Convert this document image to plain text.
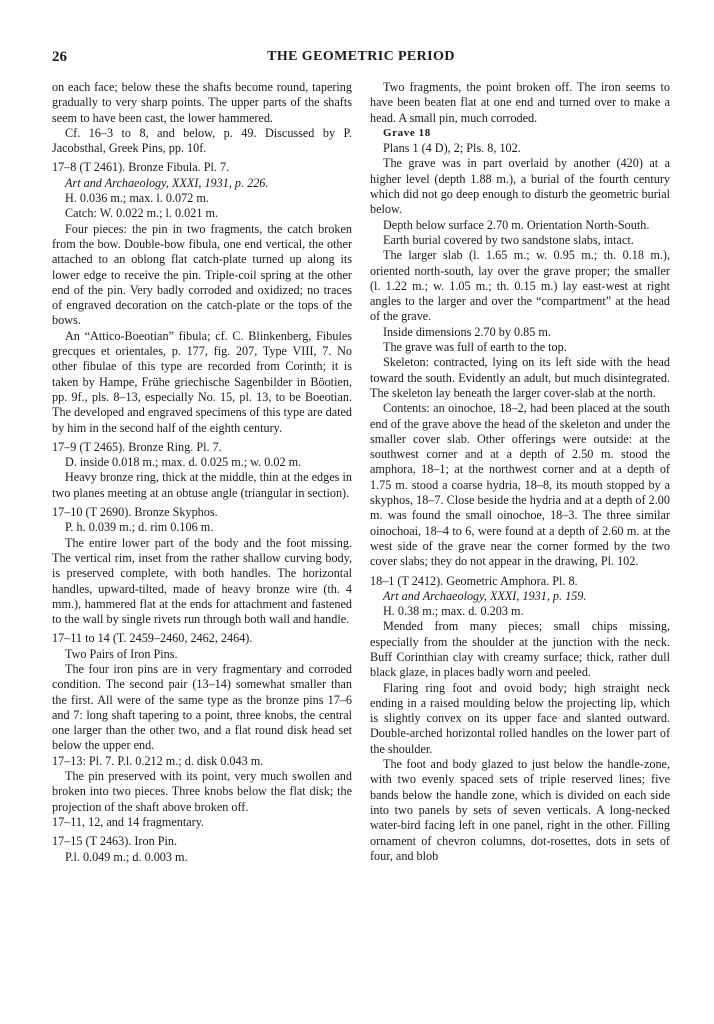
26	THE GEOMETRIC PERIOD

on each face; below these the shafts become round, tapering gradually to very sharp points. The upper parts of the shafts seem to have been cast, the lower hammered.

Cf. 16–3 to 8, and below, p. 49. Discussed by P. Jacobsthal, Greek Pins, pp. 10f.

17–8 (T 2461). Bronze Fibula. Pl. 7.

Art and Archaeology, XXXI, 1931, p. 226.

H. 0.036 m.; max. l. 0.072 m.

Catch: W. 0.022 m.; l. 0.021 m.

Four pieces: the pin in two fragments, the catch broken from the bow. Double-bow fibula, one end vertical, the other attached to an oblong flat catch-plate turned up along its lower edge to receive the pin. Triple-coil spring at the other end of the pin. Very badly corroded and oxidized; no traces of engraved decoration on the catch-plate or the tops of the bows.

An “Attico-Boeotian” fibula; cf. C. Blinkenberg, Fibules grecques et orientales, p. 177, fig. 207, Type VIII, 7. No other fibulae of this type are recorded from Corinth; it is taken by Hampe, Frühe griechische Sagenbilder in Böotien, pp. 9f., pls. 8–13, especially No. 15, pl. 13, to be Boeotian. The developed and engraved specimens of this type are dated by him in the second half of the eighth century.

17–9 (T 2465). Bronze Ring. Pl. 7.

D. inside 0.018 m.; max. d. 0.025 m.; w. 0.02 m.

Heavy bronze ring, thick at the middle, thin at the edges in two planes meeting at an obtuse angle (triangular in section).

17–10 (T 2690). Bronze Skyphos.

P. h. 0.039 m.; d. rim 0.106 m.

The entire lower part of the body and the foot missing. The vertical rim, inset from the rather shallow curving body, is preserved complete, with both handles. The horizontal handles, upward-tilted, made of heavy bronze wire (th. 4 mm.), hammered flat at the ends for attachment and fastened to the wall by single rivets run through both wall and handle.

17–11 to 14 (T. 2459–2460, 2462, 2464).

Two Pairs of Iron Pins.

The four iron pins are in very fragmentary and corroded condition. The second pair (13–14) somewhat smaller than the first. All were of the same type as the bronze pins 17–6 and 7: long shaft tapering to a point, three knobs, the central one larger than the other two, and a flat round disk head set below the upper end.

17–13: Pl. 7. P.l. 0.212 m.; d. disk 0.043 m.

The pin preserved with its point, very much swollen and broken into two pieces. Three knobs below the flat disk; the projection of the shaft above broken off.

17–11, 12, and 14 fragmentary.

17–15 (T 2463). Iron Pin.

P.l. 0.049 m.; d. 0.003 m.

Two fragments, the point broken off. The iron seems to have been beaten flat at one end and turned over to make a head. A small pin, much corroded.

Grave 18

Plans 1 (4 D), 2; Pls. 8, 102.

The grave was in part overlaid by another (420) at a higher level (depth 1.88 m.), a burial of the fourth century which did not go deep enough to disturb the geometric burial below.

Depth below surface 2.70 m. Orientation North-South.

Earth burial covered by two sandstone slabs, intact.

The larger slab (l. 1.65 m.; w. 0.95 m.; th. 0.18 m.), oriented north-south, lay over the grave proper; the smaller (l. 1.22 m.; w. 1.05 m.; th. 0.15 m.) lay east-west at right angles to the larger and over the “compartment” at the head of the grave.

Inside dimensions 2.70 by 0.85 m.

The grave was full of earth to the top.

Skeleton: contracted, lying on its left side with the head toward the south. Evidently an adult, but much disintegrated. The skeleton lay beneath the larger cover-slab at the north.

Contents: an oinochoe, 18–2, had been placed at the south end of the grave above the head of the skeleton and under the smaller cover slab. Other offerings were outside: at the southwest corner and at a depth of 2.50 m. stood the amphora, 18–1; at the northwest corner and at a depth of 1.75 m. stood a coarse hydria, 18–8, its mouth stopped by a skyphos, 18–7. Close beside the hydria and at a depth of 2.00 m. was found the small oinochoe, 18–3. The three similar oinochoai, 18–4 to 6, were found at a depth of 2.60 m. at the west side of the grave near the corner formed by the two cover slabs; they do not appear in the drawing, Pl. 102.

18–1 (T 2412). Geometric Amphora. Pl. 8.

Art and Archaeology, XXXI, 1931, p. 159.

H. 0.38 m.; max. d. 0.203 m.

Mended from many pieces; small chips missing, especially from the shoulder at the junction with the neck. Buff Corinthian clay with creamy surface; thick, rather dull black glaze, in places badly worn and peeled.

Flaring ring foot and ovoid body; high straight neck ending in a raised moulding below the projecting lip, which is slightly convex on its upper face and slanted outward. Double-arched horizontal rolled handles on the lower part of the shoulder.

The foot and body glazed to just below the handle-zone, with two evenly spaced sets of triple reserved lines; five bands below the handle zone, which is divided on each side into two panels by sets of seven verticals. A long-necked water-bird facing left in one panel, right in the other. Filling ornament of chevron columns, dot-rosettes, dots in sets of four, and blob
